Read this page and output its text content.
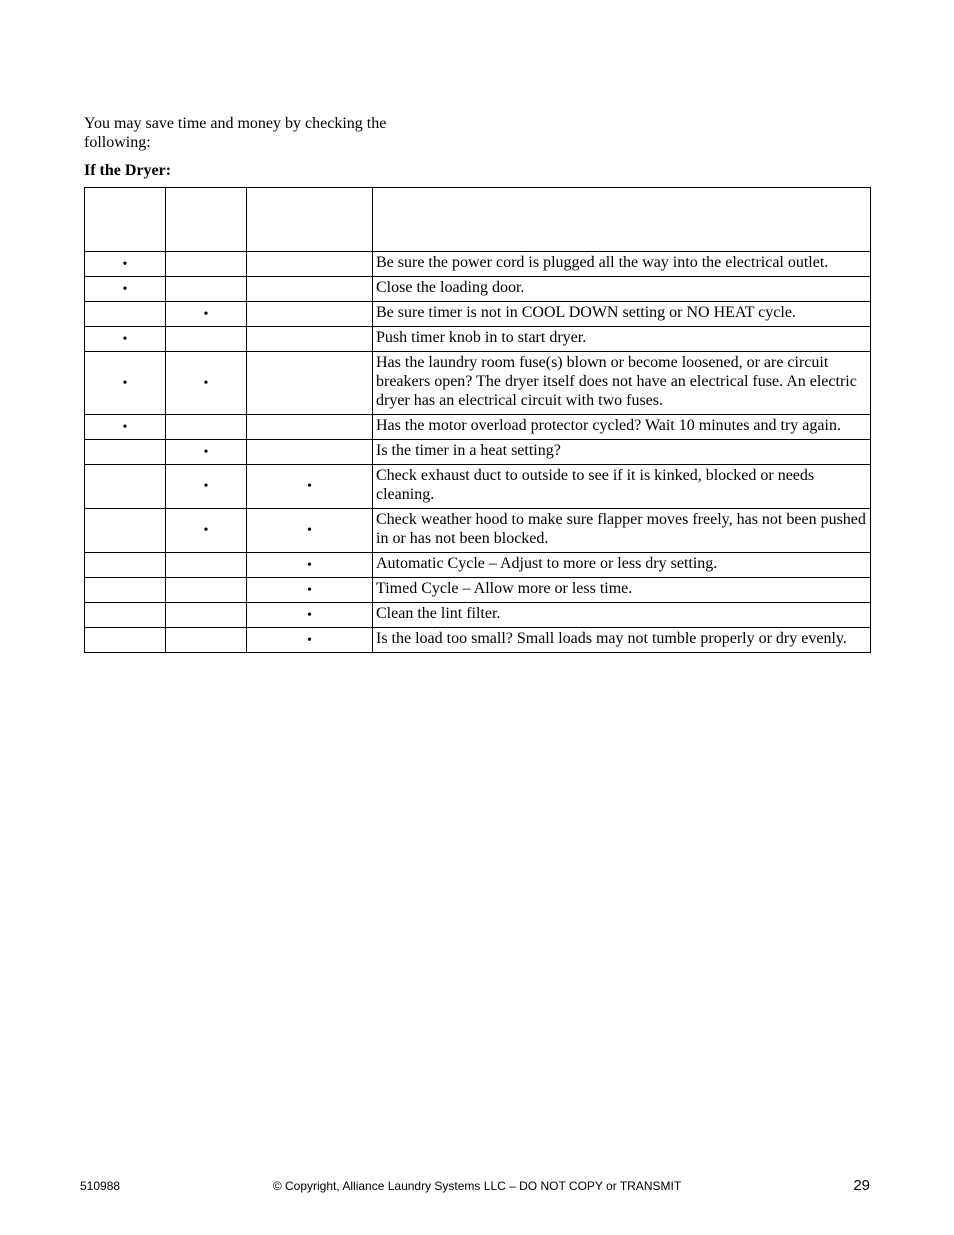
You may save time and money by checking the following:
If the Dryer:

•			Be sure the power cord is plugged all the way into the electrical outlet.
•			Close the loading door.
	•		Be sure timer is not in COOL DOWN setting or NO HEAT cycle.
•			Push timer knob in to start dryer.
•	•		Has the laundry room fuse(s) blown or become loosened, or are circuit breakers open? The dryer itself does not have an electrical fuse. An electric dryer has an electrical circuit with two fuses.
•			Has the motor overload protector cycled? Wait 10 minutes and try again.
	•		Is the timer in a heat setting?
	•	•	Check exhaust duct to outside to see if it is kinked, blocked or needs cleaning.
	•	•	Check weather hood to make sure flapper moves freely, has not been pushed in or has not been blocked.
		•	Automatic Cycle – Adjust to more or less dry setting.
		•	Timed Cycle – Allow more or less time.
		•	Clean the lint filter.
		•	Is the load too small? Small loads may not tumble properly or dry evenly.
510988	© Copyright, Alliance Laundry Systems LLC – DO NOT COPY or TRANSMIT	29
